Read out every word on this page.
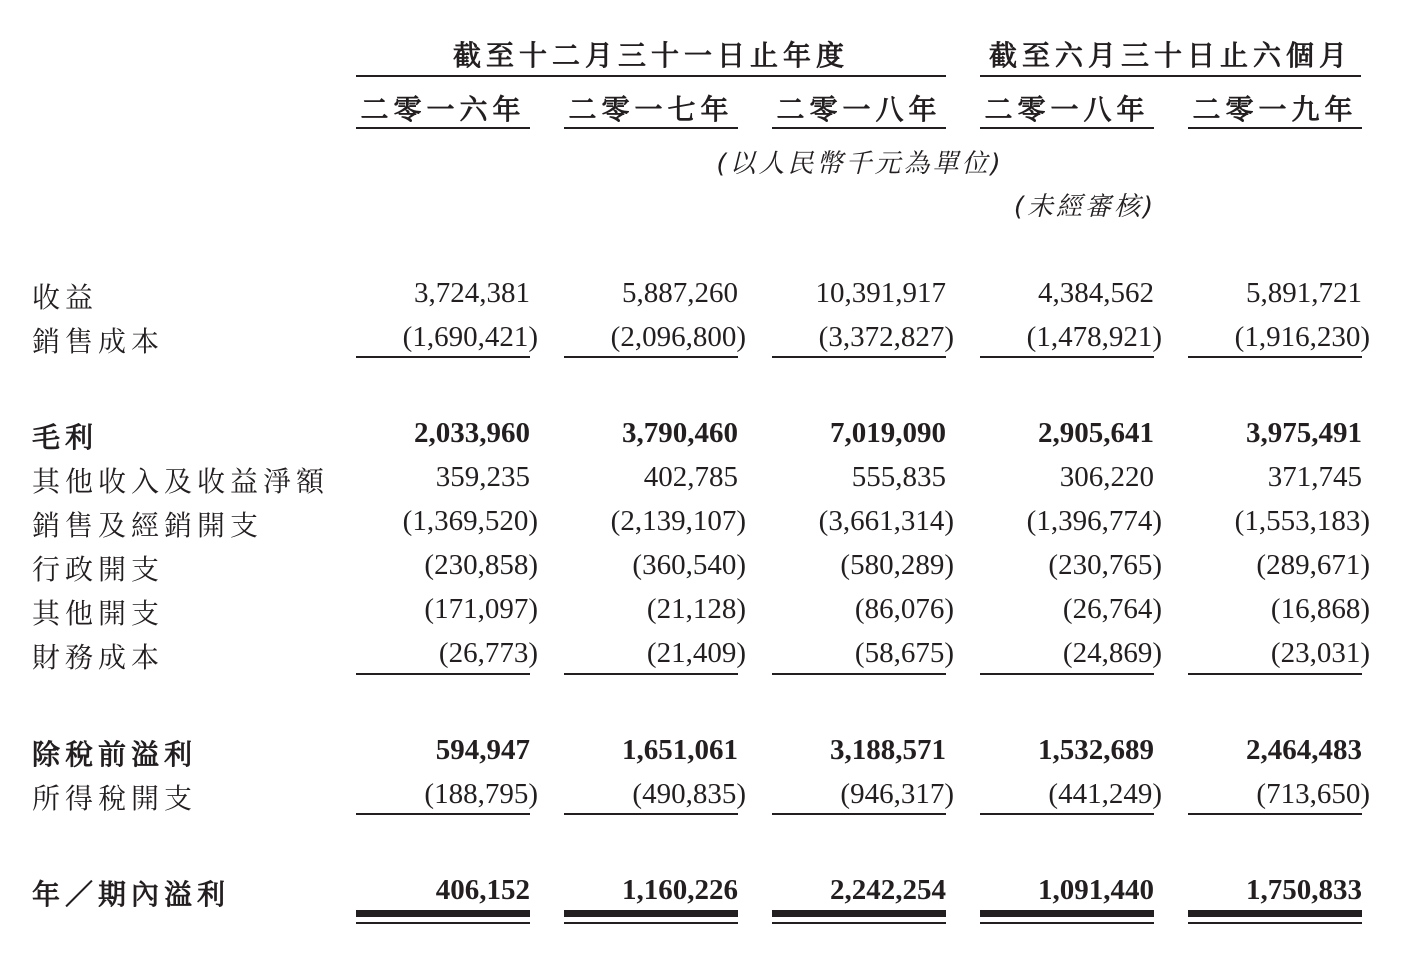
截至十二月三十一日止年度	截至六月三十日止六個月
二零一六年 二零一七年 二零一八年 二零一八年 二零一九年
(以人民幣千元為單位)
(未經審核)
收益	3,724,381	5,887,260	10,391,917	4,384,562	5,891,721
銷售成本	(1,690,421)	(2,096,800)	(3,372,827)	(1,478,921)	(1,916,230)
毛利	2,033,960	3,790,460	7,019,090	2,905,641	3,975,491
其他收入及收益淨額	359,235	402,785	555,835	306,220	371,745
銷售及經銷開支	(1,369,520)	(2,139,107)	(3,661,314)	(1,396,774)	(1,553,183)
行政開支	(230,858)	(360,540)	(580,289)	(230,765)	(289,671)
其他開支	(171,097)	(21,128)	(86,076)	(26,764)	(16,868)
財務成本	(26,773)	(21,409)	(58,675)	(24,869)	(23,031)
除稅前溢利	594,947	1,651,061	3,188,571	1,532,689	2,464,483
所得稅開支	(188,795)	(490,835)	(946,317)	(441,249)	(713,650)
年／期內溢利	406,152	1,160,226	2,242,254	1,091,440	1,750,833
